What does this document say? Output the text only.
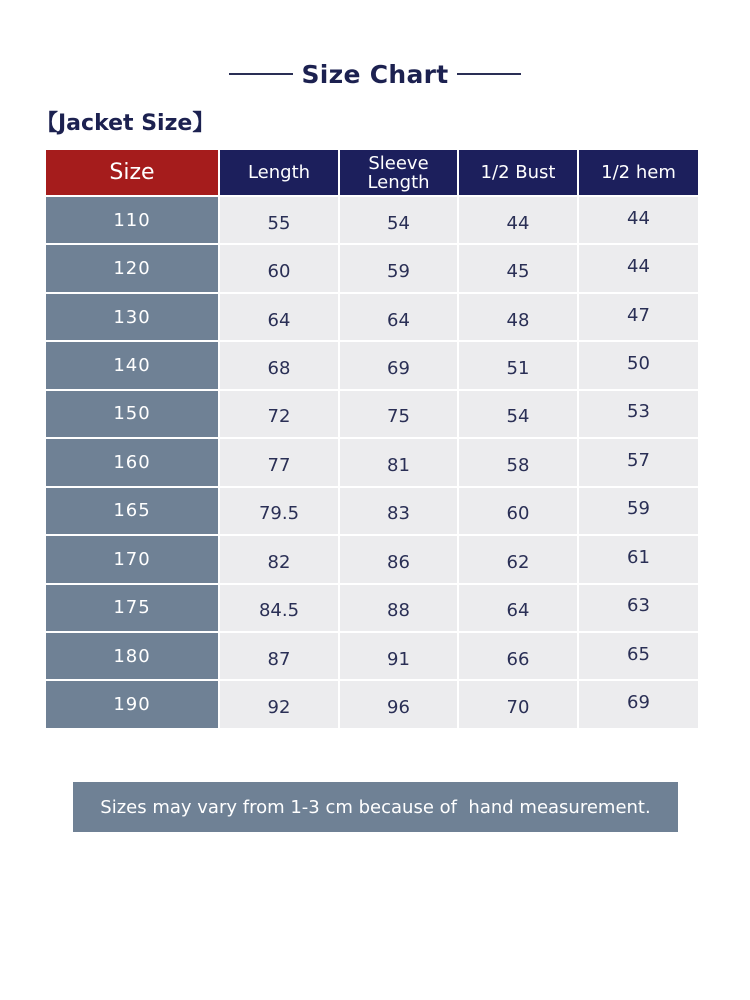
Size Chart
【Jacket Size】
Size	Length	Sleeve Length	1/2 Bust	1/2 hem
110	55	54	44	44
120	60	59	45	44
130	64	64	48	47
140	68	69	51	50
150	72	75	54	53
160	77	81	58	57
165	79.5	83	60	59
170	82	86	62	61
175	84.5	88	64	63
180	87	91	66	65
190	92	96	70	69
Sizes may vary from 1-3 cm because of  hand measurement.
